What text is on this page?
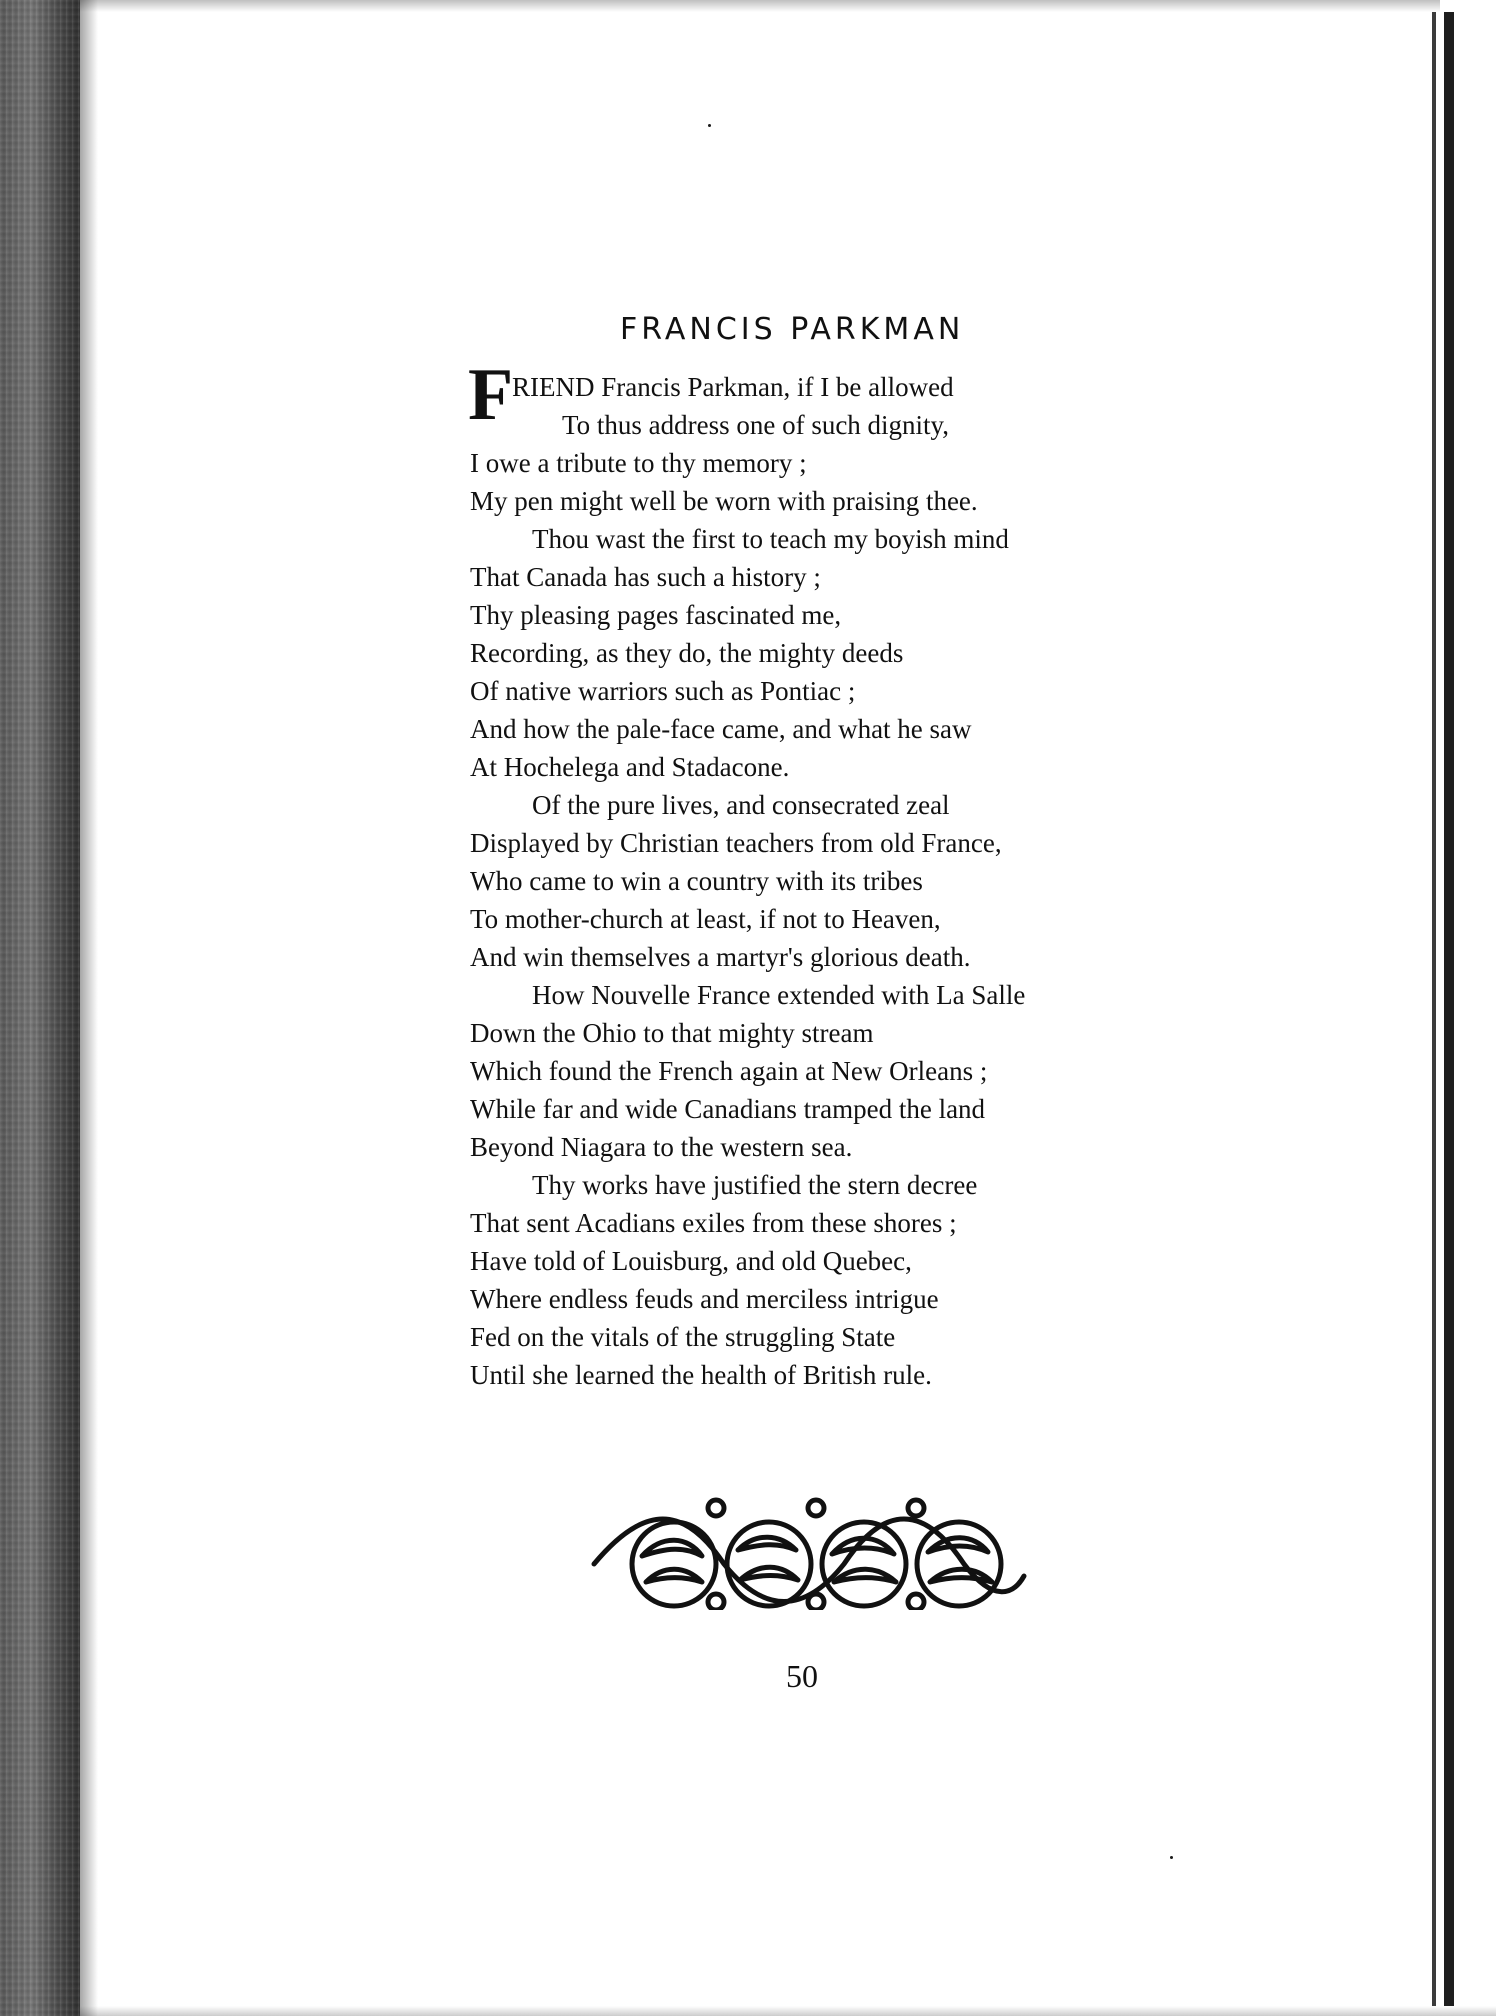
FRANCIS PARKMAN
F
RIEND Francis Parkman, if I be allowed
To thus address one of such dignity,
I owe a tribute to thy memory ;
My pen might well be worn with praising thee.
Thou wast the first to teach my boyish mind
That Canada has such a history ;
Thy pleasing pages fascinated me,
Recording, as they do, the mighty deeds
Of native warriors such as Pontiac ;
And how the pale-face came, and what he saw
At Hochelega and Stadacone.
Of the pure lives, and consecrated zeal
Displayed by Christian teachers from old France,
Who came to win a country with its tribes
To mother-church at least, if not to Heaven,
And win themselves a martyr's glorious death.
How Nouvelle France extended with La Salle
Down the Ohio to that mighty stream
Which found the French again at New Orleans ;
While far and wide Canadians tramped the land
Beyond Niagara to the western sea.
Thy works have justified the stern decree
That sent Acadians exiles from these shores ;
Have told of Louisburg, and old Quebec,
Where endless feuds and merciless intrigue
Fed on the vitals of the struggling State
Until she learned the health of British rule.
50
